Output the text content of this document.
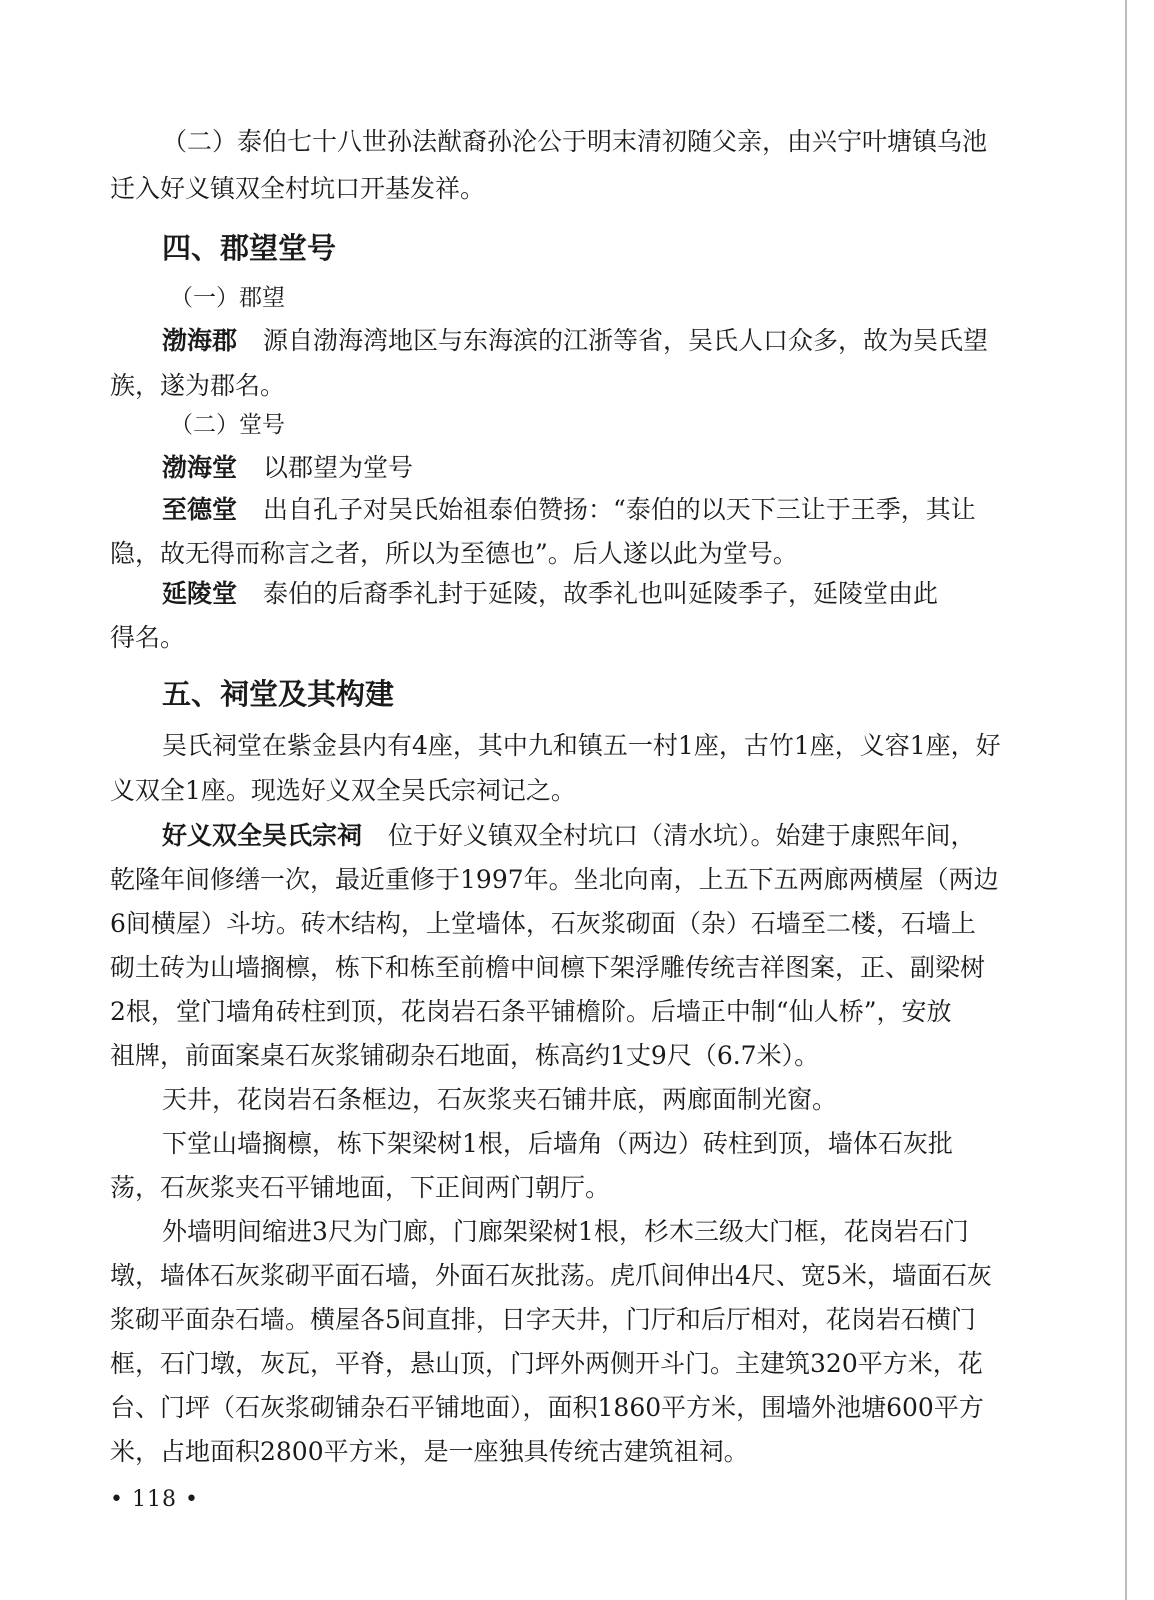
（二）泰伯七十八世孙法猷裔孙沦公于明末清初随父亲，由兴宁叶塘镇乌池
迁入好义镇双全村坑口开基发祥。
四、郡望堂号
（一）郡望
渤海郡 源自渤海湾地区与东海滨的江浙等省，吴氏人口众多，故为吴氏望
族，遂为郡名。
（二）堂号
渤海堂 以郡望为堂号
至德堂 出自孔子对吴氏始祖泰伯赞扬：“泰伯的以天下三让于王季，其让
隐，故无得而称言之者，所以为至德也”。后人遂以此为堂号。
延陵堂 泰伯的后裔季礼封于延陵，故季礼也叫延陵季子，延陵堂由此
得名。
五、祠堂及其构建
吴氏祠堂在紫金县内有4座，其中九和镇五一村1座，古竹1座，义容1座，好
义双全1座。现选好义双全吴氏宗祠记之。
好义双全吴氏宗祠 位于好义镇双全村坑口（清水坑）。始建于康熙年间，
乾隆年间修缮一次，最近重修于1997年。坐北向南，上五下五两廊两横屋（两边
6间横屋）斗坊。砖木结构，上堂墙体，石灰浆砌面（杂）石墙至二楼，石墙上
砌土砖为山墙搁檩，栋下和栋至前檐中间檩下架浮雕传统吉祥图案，正、副梁树
2根，堂门墙角砖柱到顶，花岗岩石条平铺檐阶。后墙正中制“仙人桥”，安放
祖牌，前面案桌石灰浆铺砌杂石地面，栋高约1丈9尺（6.7米）。
天井，花岗岩石条框边，石灰浆夹石铺井底，两廊面制光窗。
下堂山墙搁檩，栋下架梁树1根，后墙角（两边）砖柱到顶，墙体石灰批
荡，石灰浆夹石平铺地面，下正间两门朝厅。
外墙明间缩进3尺为门廊，门廊架梁树1根，杉木三级大门框，花岗岩石门
墩，墙体石灰浆砌平面石墙，外面石灰批荡。虎爪间伸出4尺、宽5米，墙面石灰
浆砌平面杂石墙。横屋各5间直排，日字天井，门厅和后厅相对，花岗岩石横门
框，石门墩，灰瓦，平脊，悬山顶，门坪外两侧开斗门。主建筑320平方米，花
台、门坪（石灰浆砌铺杂石平铺地面），面积1860平方米，围墙外池塘600平方
米，占地面积2800平方米，是一座独具传统古建筑祖祠。
• 118 •
